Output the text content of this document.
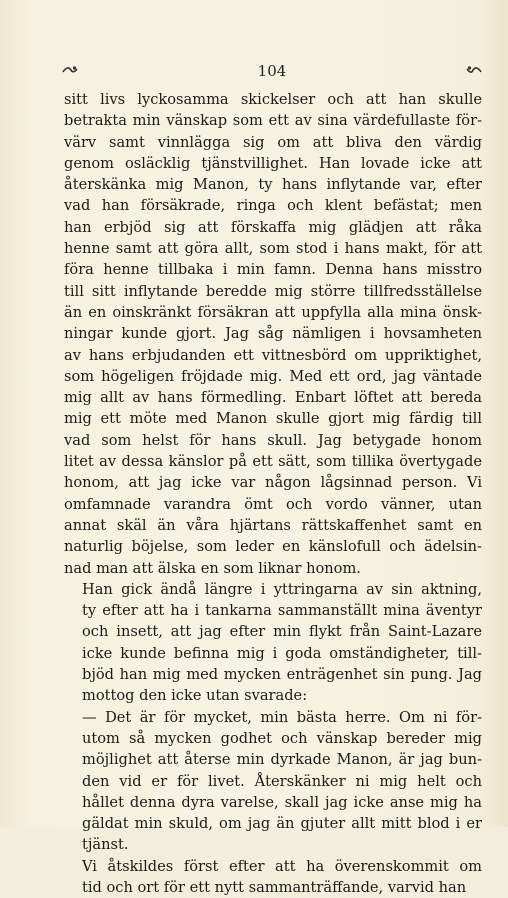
104

sitt livs lyckosamma skickelser och att han skulle
betrakta min vänskap som ett av sina värdefullaste för-
värv samt vinnlägga sig om att bliva den värdig
genom osläcklig tjänstvillighet. Han lovade icke att
återskänka mig Manon, ty hans inflytande var, efter
vad han försäkrade, ringa och klent befästat; men
han erbjöd sig att förskaffa mig glädjen att råka
henne samt att göra allt, som stod i hans makt, för att
föra henne tillbaka i min famn. Denna hans misstro
till sitt inflytande beredde mig större tillfredsställelse
än en oinskränkt försäkran att uppfylla alla mina önsk-
ningar kunde gjort. Jag såg nämligen i hovsamheten
av hans erbjudanden ett vittnesbörd om uppriktighet,
som högeligen fröjdade mig. Med ett ord, jag väntade
mig allt av hans förmedling. Enbart löftet att bereda
mig ett möte med Manon skulle gjort mig färdig till
vad som helst för hans skull. Jag betygade honom
litet av dessa känslor på ett sätt, som tillika övertygade
honom, att jag icke var någon lågsinnad person. Vi
omfamnade varandra ömt och vordo vänner, utan
annat skäl än våra hjärtans rättskaffenhet samt en
naturlig böjelse, som leder en känslofull och ädelsin-
nad man att älska en som liknar honom.

Han gick ändå längre i yttringarna av sin aktning,
ty efter att ha i tankarna sammanställt mina äventyr
och insett, att jag efter min flykt från Saint-Lazare
icke kunde befinna mig i goda omständigheter, till-
bjöd han mig med mycken enträgenhet sin pung. Jag
mottog den icke utan svarade:

— Det är för mycket, min bästa herre. Om ni för-
utom så mycken godhet och vänskap bereder mig
möjlighet att återse min dyrkade Manon, är jag bun-
den vid er för livet. Återskänker ni mig helt och
hållet denna dyra varelse, skall jag icke anse mig ha
gäldat min skuld, om jag än gjuter allt mitt blod i er
tjänst.

Vi åtskildes först efter att ha överenskommit om
tid och ort för ett nytt sammanträffande, varvid han
